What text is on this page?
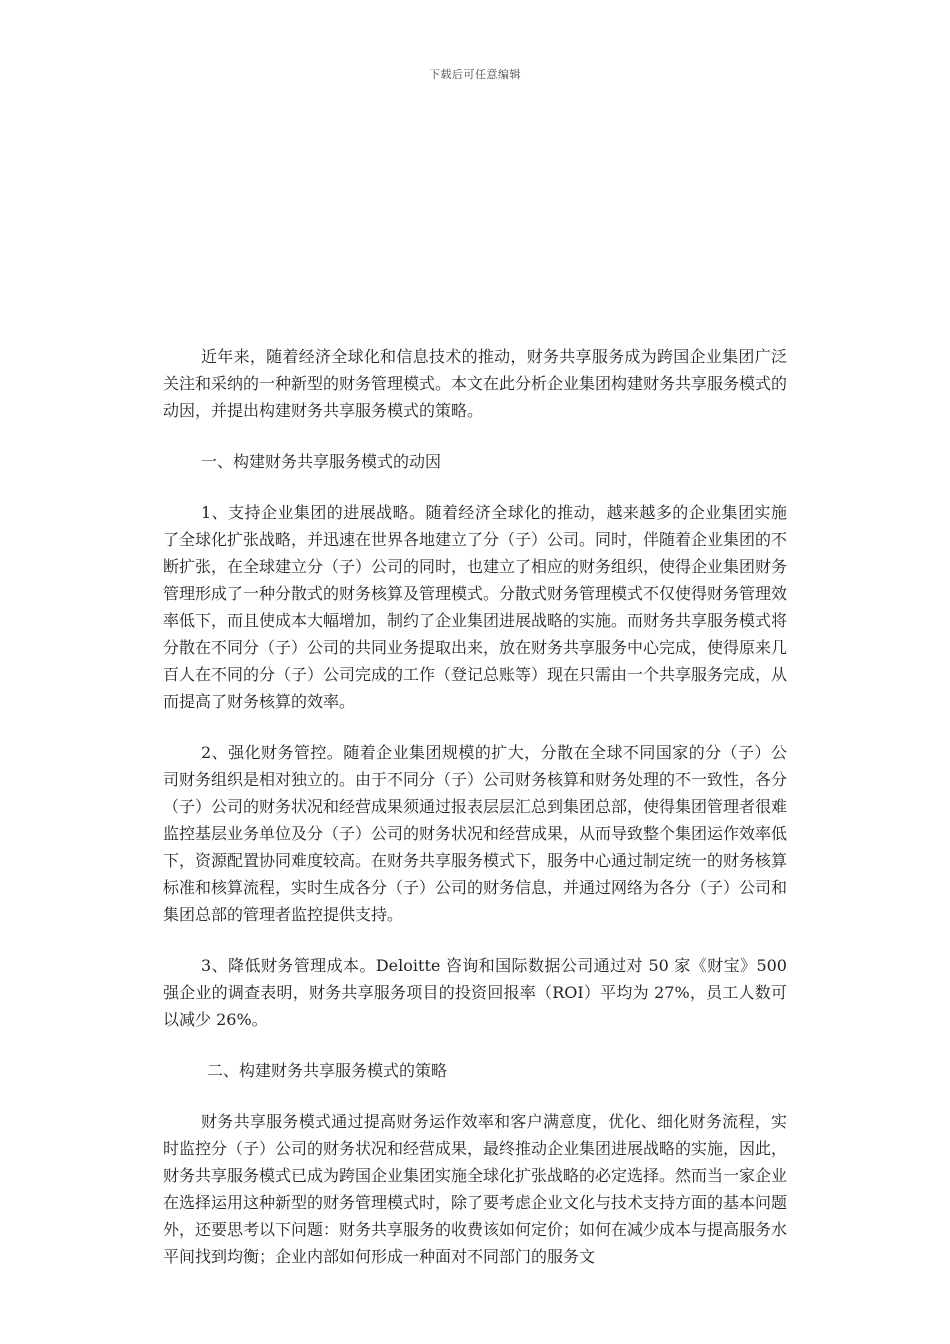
下载后可任意编辑

近年来，随着经济全球化和信息技术的推动，财务共享服务成为跨国企业集团广泛关注和采纳的一种新型的财务管理模式。本文在此分析企业集团构建财务共享服务模式的动因，并提出构建财务共享服务模式的策略。

一、构建财务共享服务模式的动因

1、支持企业集团的进展战略。随着经济全球化的推动，越来越多的企业集团实施了全球化扩张战略，并迅速在世界各地建立了分（子）公司。同时，伴随着企业集团的不断扩张，在全球建立分（子）公司的同时，也建立了相应的财务组织，使得企业集团财务管理形成了一种分散式的财务核算及管理模式。分散式财务管理模式不仅使得财务管理效率低下，而且使成本大幅增加，制约了企业集团进展战略的实施。而财务共享服务模式将分散在不同分（子）公司的共同业务提取出来，放在财务共享服务中心完成，使得原来几百人在不同的分（子）公司完成的工作（登记总账等）现在只需由一个共享服务完成，从而提高了财务核算的效率。

2、强化财务管控。随着企业集团规模的扩大，分散在全球不同国家的分（子）公司财务组织是相对独立的。由于不同分（子）公司财务核算和财务处理的不一致性，各分（子）公司的财务状况和经营成果须通过报表层层汇总到集团总部，使得集团管理者很难监控基层业务单位及分（子）公司的财务状况和经营成果，从而导致整个集团运作效率低下，资源配置协同难度较高。在财务共享服务模式下，服务中心通过制定统一的财务核算标准和核算流程，实时生成各分（子）公司的财务信息，并通过网络为各分（子）公司和集团总部的管理者监控提供支持。

3、降低财务管理成本。Deloitte 咨询和国际数据公司通过对 50 家《财宝》500 强企业的调查表明，财务共享服务项目的投资回报率（ROI）平均为 27%，员工人数可以减少 26%。

二、构建财务共享服务模式的策略

财务共享服务模式通过提高财务运作效率和客户满意度，优化、细化财务流程，实时监控分（子）公司的财务状况和经营成果，最终推动企业集团进展战略的实施，因此，财务共享服务模式已成为跨国企业集团实施全球化扩张战略的必定选择。然而当一家企业在选择运用这种新型的财务管理模式时，除了要考虑企业文化与技术支持方面的基本问题外，还要思考以下问题：财务共享服务的收费该如何定价；如何在减少成本与提高服务水平间找到均衡；企业内部如何形成一种面对不同部门的服务文
